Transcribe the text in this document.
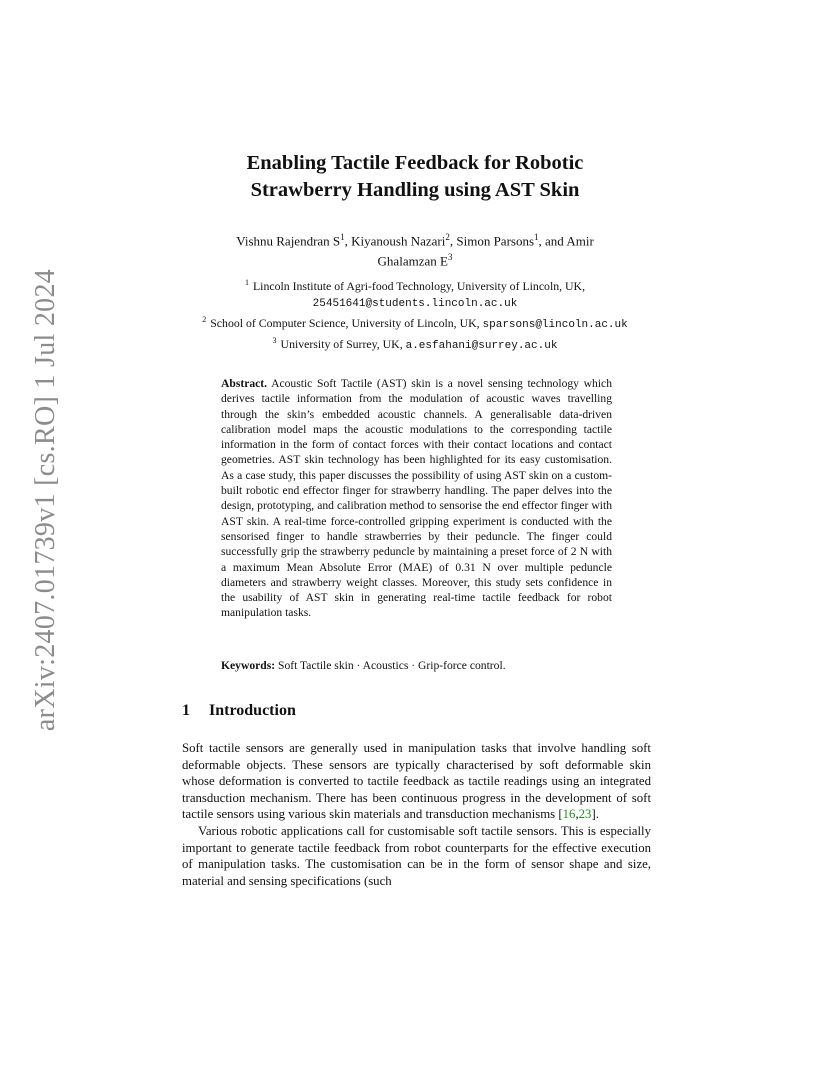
arXiv:2407.01739v1 [cs.RO] 1 Jul 2024
Enabling Tactile Feedback for Robotic
Strawberry Handling using AST Skin
Vishnu Rajendran $S^1$, Kiyanoush Nazari$^2$, Simon Parsons$^1$, and Amir
Ghalamzan $E^3$
$^1$ Lincoln Institute of Agri-food Technology, University of Lincoln, UK,
25451641@students.lincoln.ac.uk
$^2$ School of Computer Science, University of Lincoln, UK, sparsons@lincoln.ac.uk
$^3$ University of Surrey, UK, a.esfahani@surrey.ac.uk
Abstract. Acoustic Soft Tactile (AST) skin is a novel sensing technology which derives tactile information from the modulation of acoustic waves travelling through the skin’s embedded acoustic channels. A generalisable data-driven calibration model maps the acoustic modulations to the corresponding tactile information in the form of contact forces with their contact locations and contact geometries. AST skin technology has been highlighted for its easy customisation. As a case study, this paper discusses the possibility of using AST skin on a custom-built robotic end effector finger for strawberry handling. The paper delves into the design, prototyping, and calibration method to sensorise the end effector finger with AST skin. A real-time force-controlled gripping experiment is conducted with the sensorised finger to handle strawberries by their peduncle. The finger could successfully grip the strawberry peduncle by maintaining a preset force of 2 N with a maximum Mean Absolute Error (MAE) of 0.31 N over multiple peduncle diameters and strawberry weight classes. Moreover, this study sets confidence in the usability of AST skin in generating real-time tactile feedback for robot manipulation tasks.
Keywords: Soft Tactile skin · Acoustics · Grip-force control.
1 Introduction

Soft tactile sensors are generally used in manipulation tasks that involve handling soft deformable objects. These sensors are typically characterised by soft deformable skin whose deformation is converted to tactile feedback as tactile readings using an integrated transduction mechanism. There has been continuous progress in the development of soft tactile sensors using various skin materials and transduction mechanisms [16,23].

Various robotic applications call for customisable soft tactile sensors. This is especially important to generate tactile feedback from robot counterparts for the effective execution of manipulation tasks. The customisation can be in the form of sensor shape and size, material and sensing specifications (such
